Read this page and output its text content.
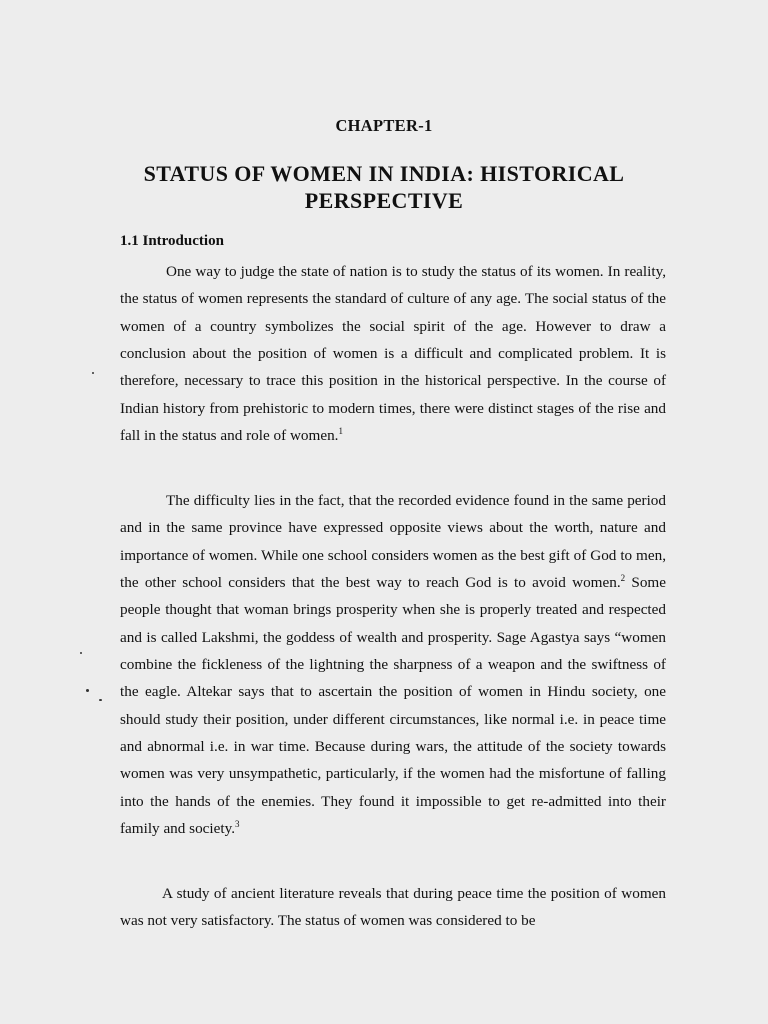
CHAPTER-1
STATUS OF WOMEN IN INDIA: HISTORICAL PERSPECTIVE
1.1 Introduction

One way to judge the state of nation is to study the status of its women. In reality, the status of women represents the standard of culture of any age. The social status of the women of a country symbolizes the social spirit of the age. However to draw a conclusion about the position of women is a difficult and complicated problem. It is therefore, necessary to trace this position in the historical perspective. In the course of Indian history from prehistoric to modern times, there were distinct stages of the rise and fall in the status and role of women.$^1$

The difficulty lies in the fact, that the recorded evidence found in the same period and in the same province have expressed opposite views about the worth, nature and importance of women. While one school considers women as the best gift of God to men, the other school considers that the best way to reach God is to avoid women.$^2$ Some people thought that woman brings prosperity when she is properly treated and respected and is called Lakshmi, the goddess of wealth and prosperity. Sage Agastya says “women combine the fickleness of the lightning the sharpness of a weapon and the swiftness of the eagle. Altekar says that to ascertain the position of women in Hindu society, one should study their position, under different circumstances, like normal i.e. in peace time and abnormal i.e. in war time. Because during wars, the attitude of the society towards women was very unsympathetic, particularly, if the women had the misfortune of falling into the hands of the enemies. They found it impossible to get re-admitted into their family and society.$^3$

A study of ancient literature reveals that during peace time the position of women was not very satisfactory. The status of women was considered to be
